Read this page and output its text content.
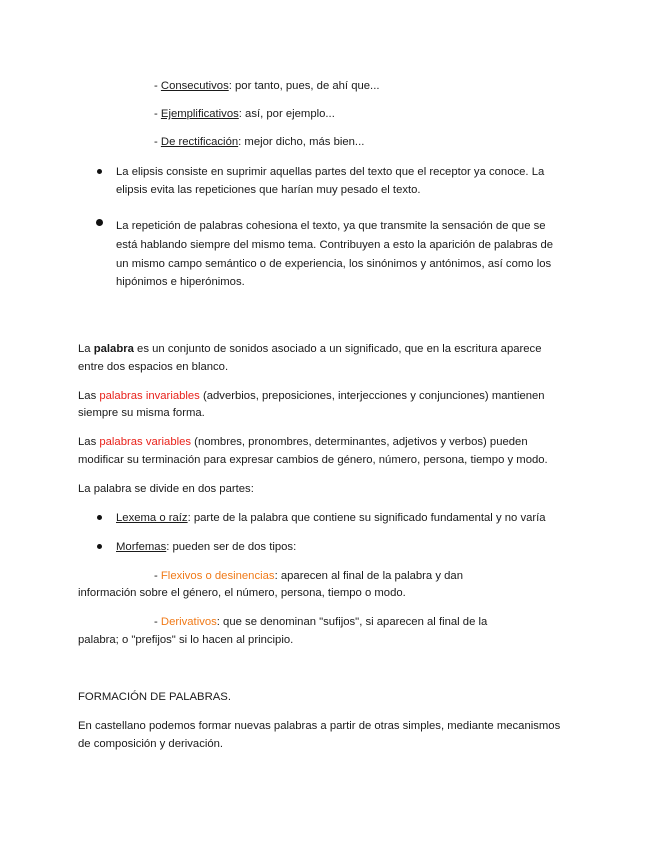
- Consecutivos: por tanto, pues, de ahí que...
- Ejemplificativos: así, por ejemplo...
- De rectificación: mejor dicho, más bien...
La elipsis consiste en suprimir aquellas partes del texto que el receptor ya conoce. La
elipsis evita las repeticiones que harían muy pesado el texto.
La repetición de palabras cohesiona el texto, ya que transmite la sensación de que se
está hablando siempre del mismo tema. Contribuyen a esto la aparición de palabras de
un mismo campo semántico o de experiencia, los sinónimos y antónimos, así como los
hipónimos e hiperónimos.
La palabra es un conjunto de sonidos asociado a un significado, que en la escritura aparece
entre dos espacios en blanco.
Las palabras invariables (adverbios, preposiciones, interjecciones y conjunciones) mantienen
siempre su misma forma.
Las palabras variables (nombres, pronombres, determinantes, adjetivos y verbos) pueden
modificar su terminación para expresar cambios de género, número, persona, tiempo y modo.
La palabra se divide en dos partes:
Lexema o raíz: parte de la palabra que contiene su significado fundamental y no varía
Morfemas: pueden ser de dos tipos:
- Flexivos o desinencias: aparecen al final de la palabra y dan
información sobre el género, el número, persona, tiempo o modo.
- Derivativos: que se denominan "sufijos", si aparecen al final de la
palabra; o "prefijos" si lo hacen al principio.
FORMACIÓN DE PALABRAS.
En castellano podemos formar nuevas palabras a partir de otras simples, mediante mecanismos
de composición y derivación.
